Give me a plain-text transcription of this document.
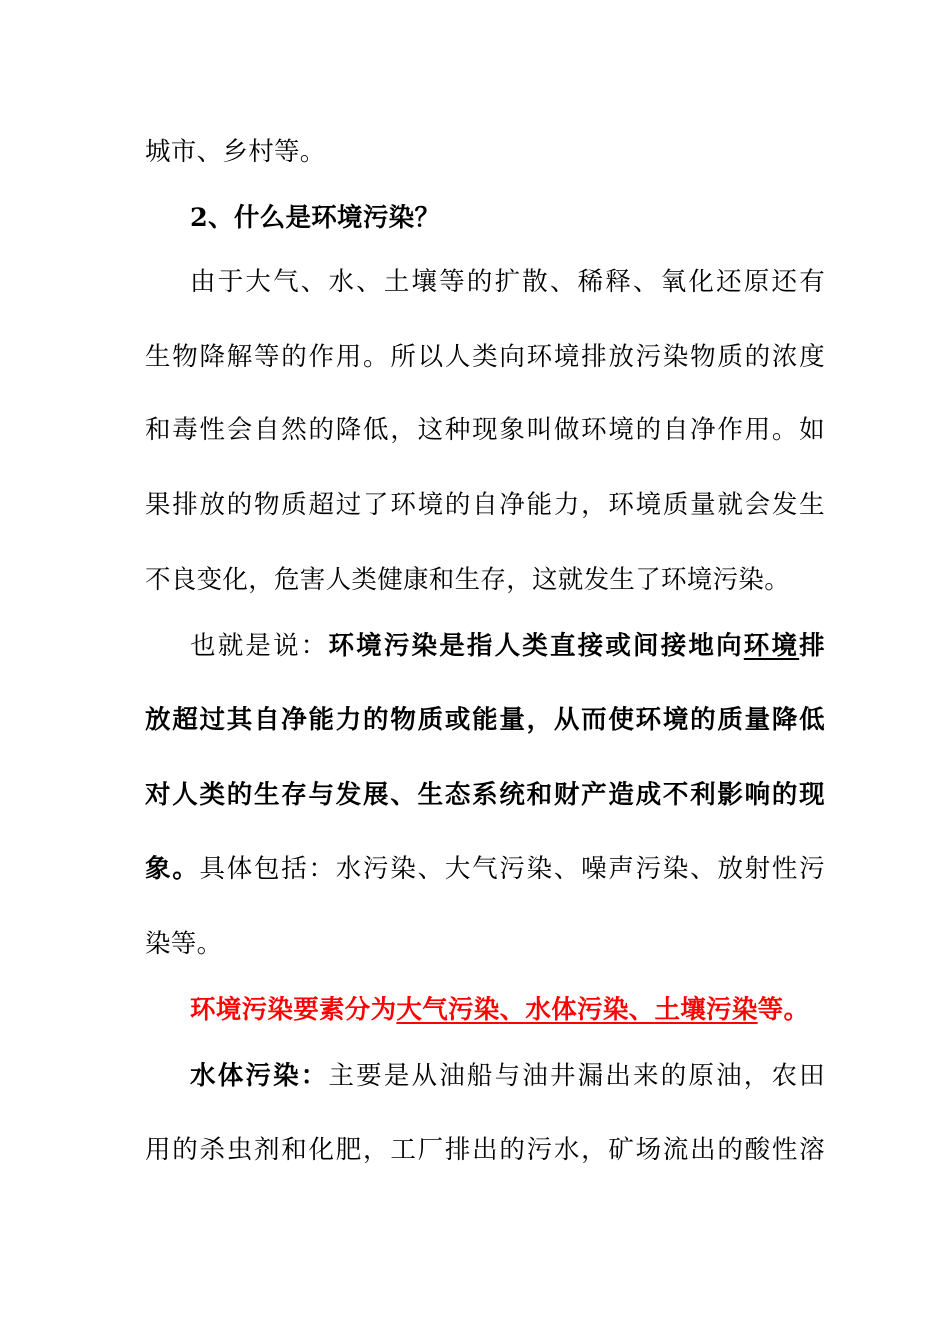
城市、乡村等。
2、什么是环境污染？
由于大气、水、土壤等的扩散、稀释、氧化还原还有
生物降解等的作用。所以人类向环境排放污染物质的浓度
和毒性会自然的降低，这种现象叫做环境的自净作用。如
果排放的物质超过了环境的自净能力，环境质量就会发生
不良变化，危害人类健康和生存，这就发生了环境污染。
也就是说：环境污染是指人类直接或间接地向环境排
放超过其自净能力的物质或能量，从而使环境的质量降低
对人类的生存与发展、生态系统和财产造成不利影响的现
象。具体包括：水污染、大气污染、噪声污染、放射性污
染等。
环境污染要素分为大气污染、水体污染、土壤污染等。
水体污染：主要是从油船与油井漏出来的原油，农田
用的杀虫剂和化肥，工厂排出的污水，矿场流出的酸性溶
